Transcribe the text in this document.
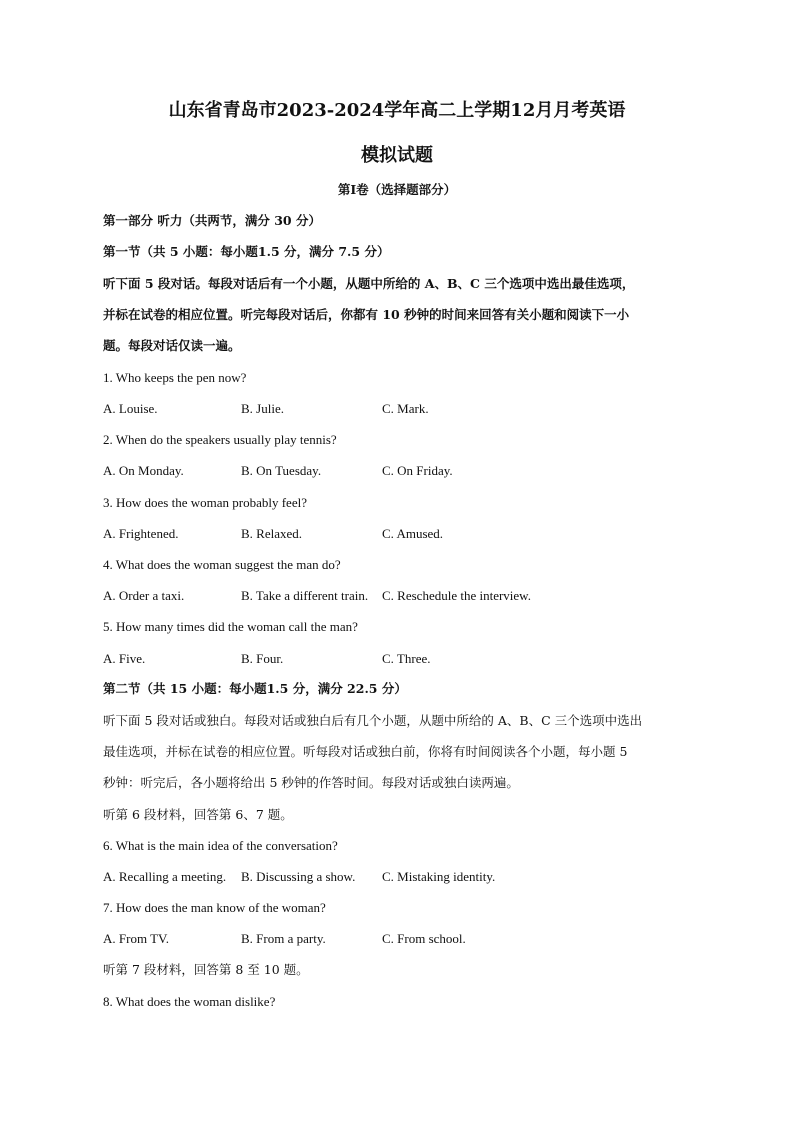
山东省青岛市2023-2024学年高二上学期12月月考英语
模拟试题
第Ⅰ卷（选择题部分）
第一部分 听力（共两节，满分 30 分）
第一节（共 5 小题：每小题1.5 分，满分 7.5 分）
听下面 5 段对话。每段对话后有一个小题，从题中所给的 A、B、C 三个选项中选出最佳选项，
并标在试卷的相应位置。听完每段对话后，你都有 10 秒钟的时间来回答有关小题和阅读下一小
题。每段对话仅读一遍。
1. Who keeps the pen now?
A. Louise.	B. Julie.	C. Mark.
2. When do the speakers usually play tennis?
A. On Monday.	B. On Tuesday.	C. On Friday.
3. How does the woman probably feel?
A. Frightened.	B. Relaxed.	C. Amused.
4. What does the woman suggest the man do?
A. Order a taxi.	B. Take a different train. C. Reschedule the interview.
5. How many times did the woman call the man?
A. Five.	B. Four.	C. Three.
第二节（共 15 小题：每小题1.5 分，满分 22.5 分）
听下面 5 段对话或独白。每段对话或独白后有几个小题，从题中所给的 A、B、C 三个选项中选出
最佳选项，并标在试卷的相应位置。听每段对话或独白前，你将有时间阅读各个小题，每小题 5
秒钟：听完后，各小题将给出 5 秒钟的作答时间。每段对话或独白读两遍。
听第 6 段材料，回答第 6、7 题。
6. What is the main idea of the conversation?
A. Recalling a meeting. B. Discussing a show. C. Mistaking identity.
7. How does the man know of the woman?
A. From TV.	B. From a party.	C. From school.
听第 7 段材料，回答第 8 至 10 题。
8. What does the woman dislike?
